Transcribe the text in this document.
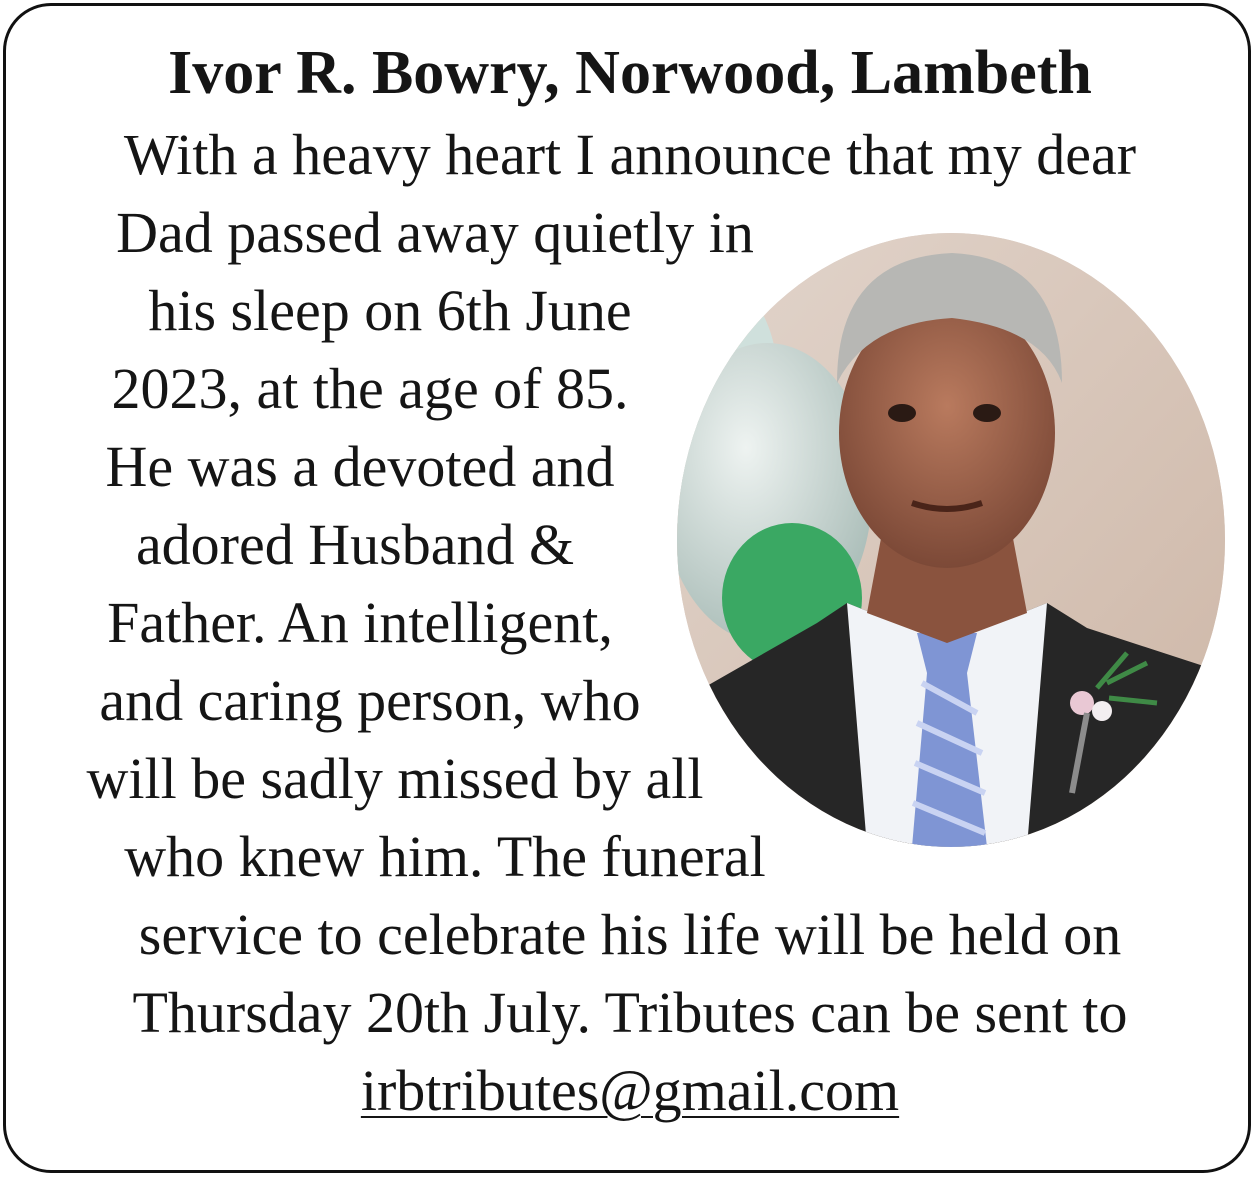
Ivor R. Bowry, Norwood, Lambeth
With a heavy heart I announce that my dear
Dad passed away quietly in
his sleep on 6th June
2023, at the age of 85.
He was a devoted and
adored Husband &
Father. An intelligent,
and caring person, who
will be sadly missed by all
who knew him. The funeral
service to celebrate his life will be held on
Thursday 20th July. Tributes can be sent to
irbtributes@gmail.com
